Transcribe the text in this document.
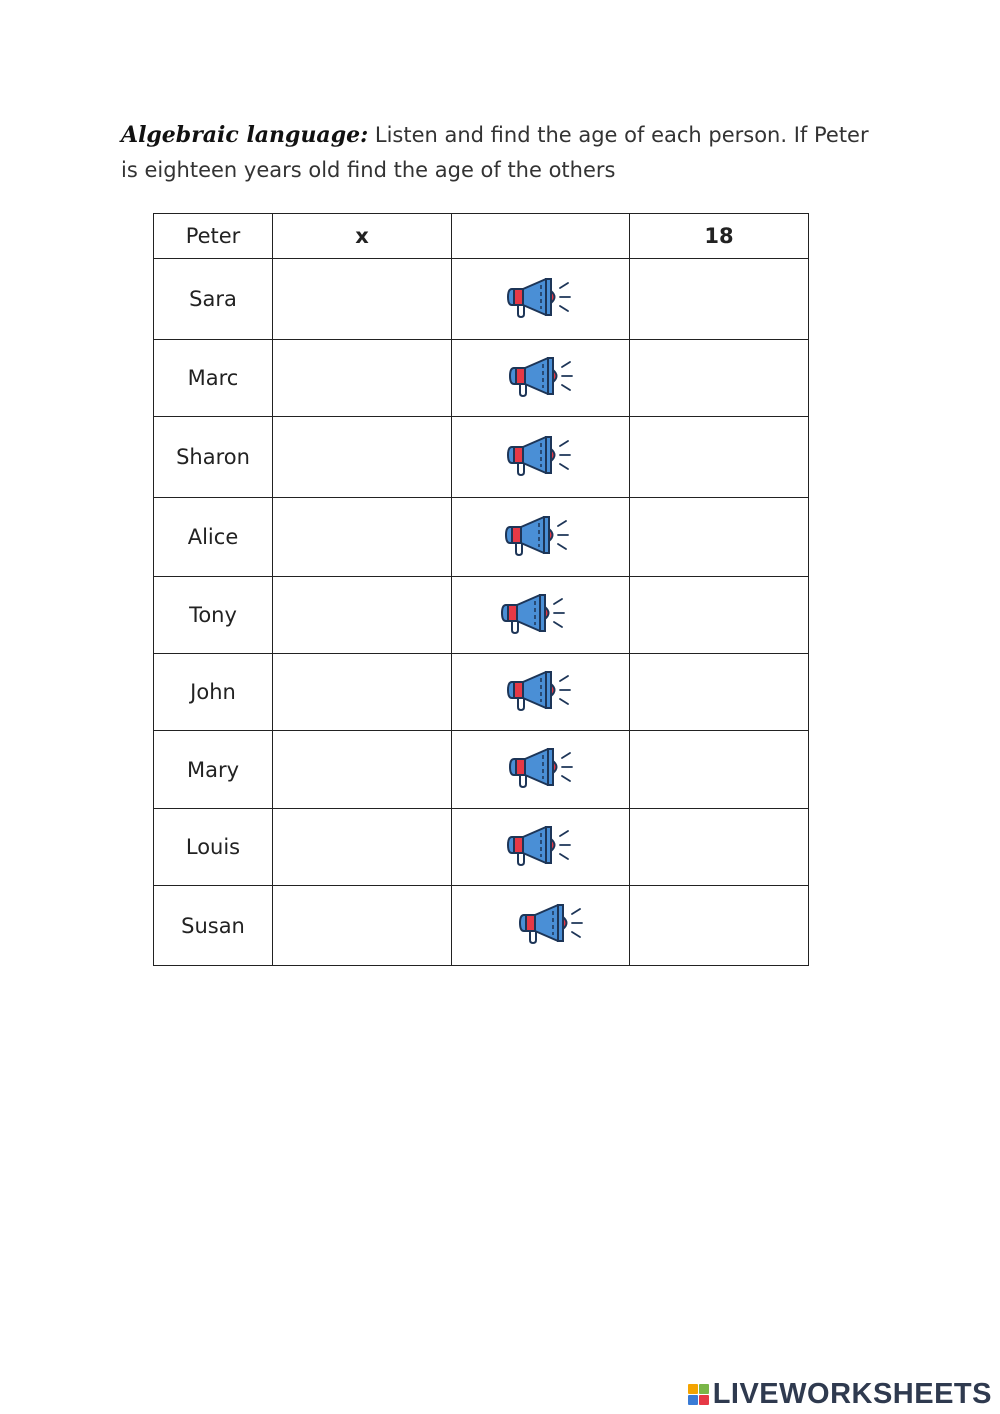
Algebraic language: Listen and find the age of each person. If Peter is eighteen years old find the age of the others
Peter	x		18
Sara			
Marc			
Sharon			
Alice			
Tony			
John			
Mary			
Louis			
Susan			
LIVEWORKSHEETS
